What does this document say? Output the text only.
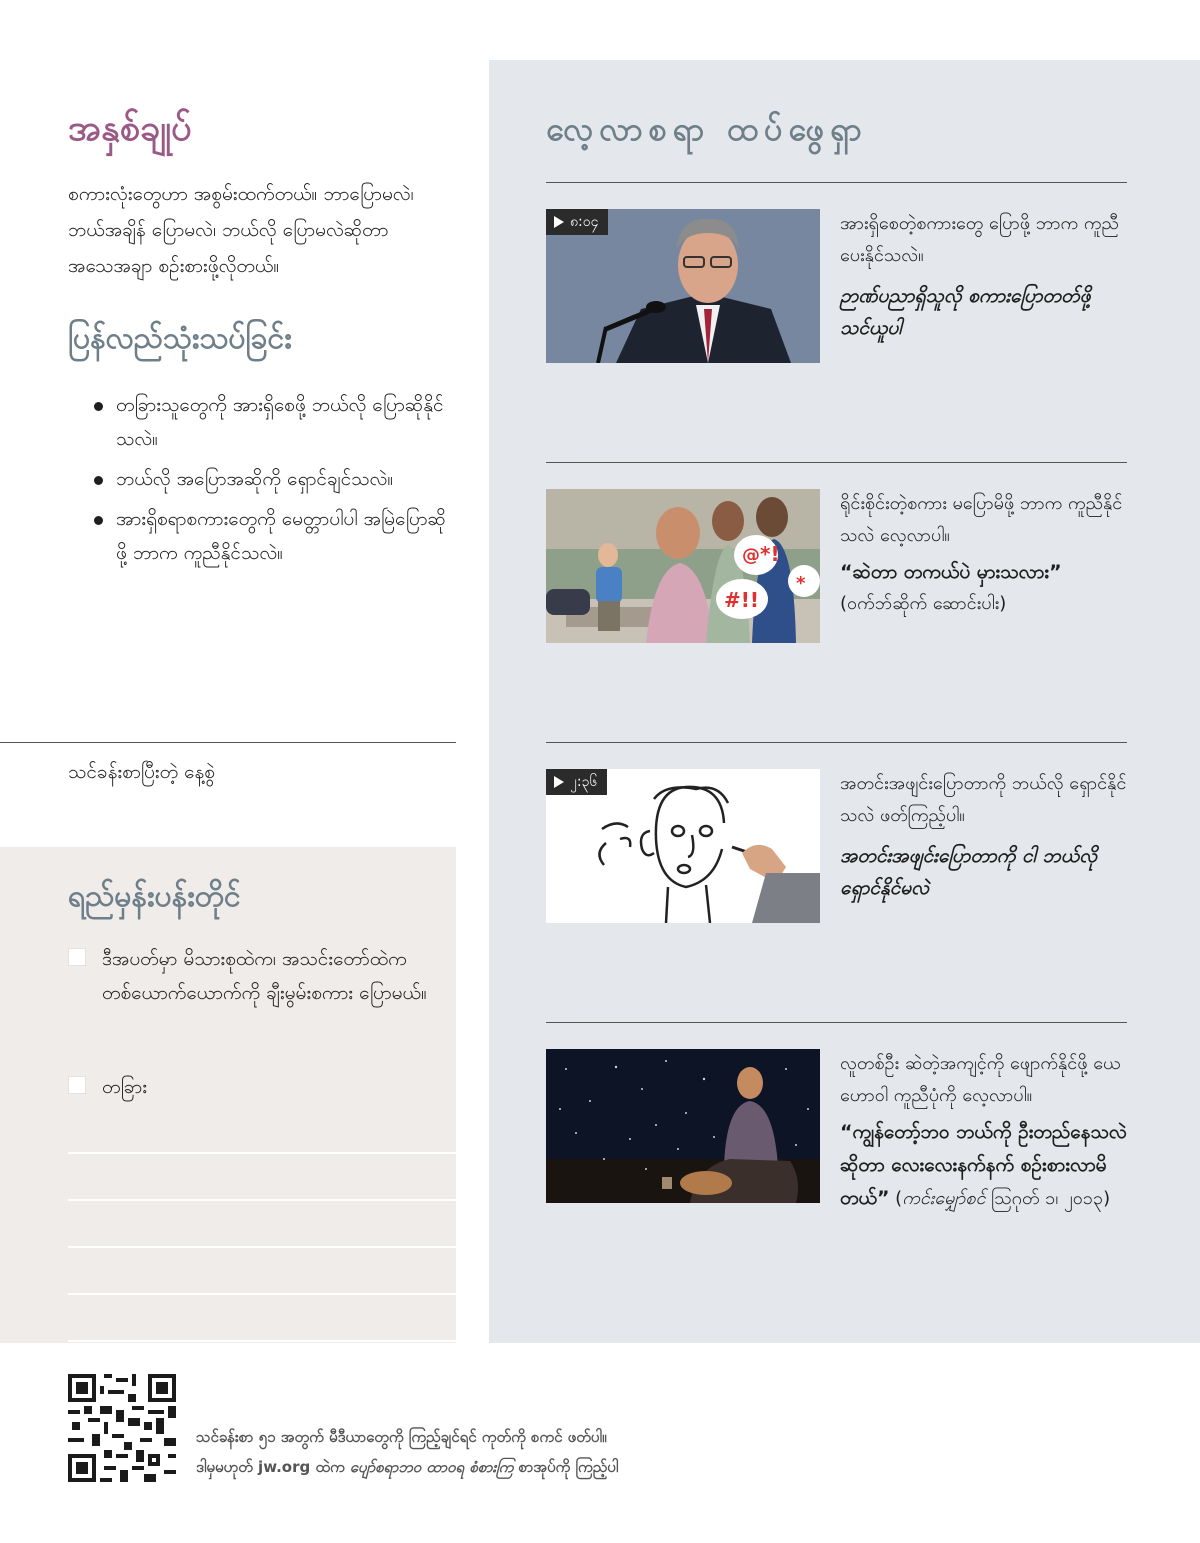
အနှစ်ချုပ်

စကားလုံးတွေဟာ အစွမ်းထက်တယ်။ ဘာပြောမလဲ၊ ဘယ်အချိန် ပြောမလဲ၊ ဘယ်လို ပြောမလဲဆိုတာ အသေအချာ စဉ်းစားဖို့လိုတယ်။

ပြန်လည်သုံးသပ်ခြင်း
တခြားသူတွေကို အားရှိစေဖို့ ဘယ်လို ပြောဆိုနိုင်သလဲ။
ဘယ်လို အပြောအဆိုကို ရှောင်ချင်သလဲ။
အားရှိစရာစကားတွေကို မေတ္တာပါပါ အမြဲပြောဆိုဖို့ ဘာက ကူညီနိုင်သလဲ။

သင်ခန်းစာပြီးတဲ့ နေ့စွဲ

ရည်မှန်းပန်းတိုင်
ဒီအပတ်မှာ မိသားစုထဲက၊ အသင်းတော်ထဲက တစ်ယောက်ယောက်ကို ချီးမွမ်းစကား ပြောမယ်။
တခြား
လေ့လာစရာ ထပ်ဖွေရှာ
၈:၀၄	အားရှိစေတဲ့စကားတွေ ပြောဖို့ ဘာက ကူညီပေးနိုင်သလဲ။

ဉာဏ်ပညာရှိသူလို စကားပြောတတ်ဖို့ သင်ယူပါ

@ *!
#!!
*

ရိုင်းစိုင်းတဲ့စကား မပြောမိဖို့ ဘာက ကူညီနိုင်သလဲ လေ့လာပါ။

“ဆဲတာ တကယ်ပဲ မှားသလား”

(ဝက်ဘ်ဆိုက် ဆောင်းပါး)

၂:၃၆	အတင်းအဖျင်းပြောတာကို ဘယ်လို ရှောင်နိုင်သလဲ ဖတ်ကြည့်ပါ။

အတင်းအဖျင်းပြောတာကို ငါ ဘယ်လိုရှောင်နိုင်မလဲ

လူတစ်ဦး ဆဲတဲ့အကျင့်ကို ဖျောက်နိုင်ဖို့ ယေဟောဝါ ကူညီပုံကို လေ့လာပါ။

“ကျွန်တော့်ဘဝ ဘယ်ကို ဦးတည်နေသလဲဆိုတာ လေးလေးနက်နက် စဉ်းစားလာမိတယ်” (ကင်းမျှော်စင် သြဂုတ် ၁၊ ၂၀၁၃)

သင်ခန်းစာ ၅၁ အတွက် မီဒီယာတွေကို ကြည့်ချင်ရင် ကုတ်ကို စကင် ဖတ်ပါ။
ဒါမှမဟုတ် jw.org ထဲက ပျော်စရာဘဝ ထာဝရ စံစားကြ စာအုပ်ကို ကြည့်ပါ
